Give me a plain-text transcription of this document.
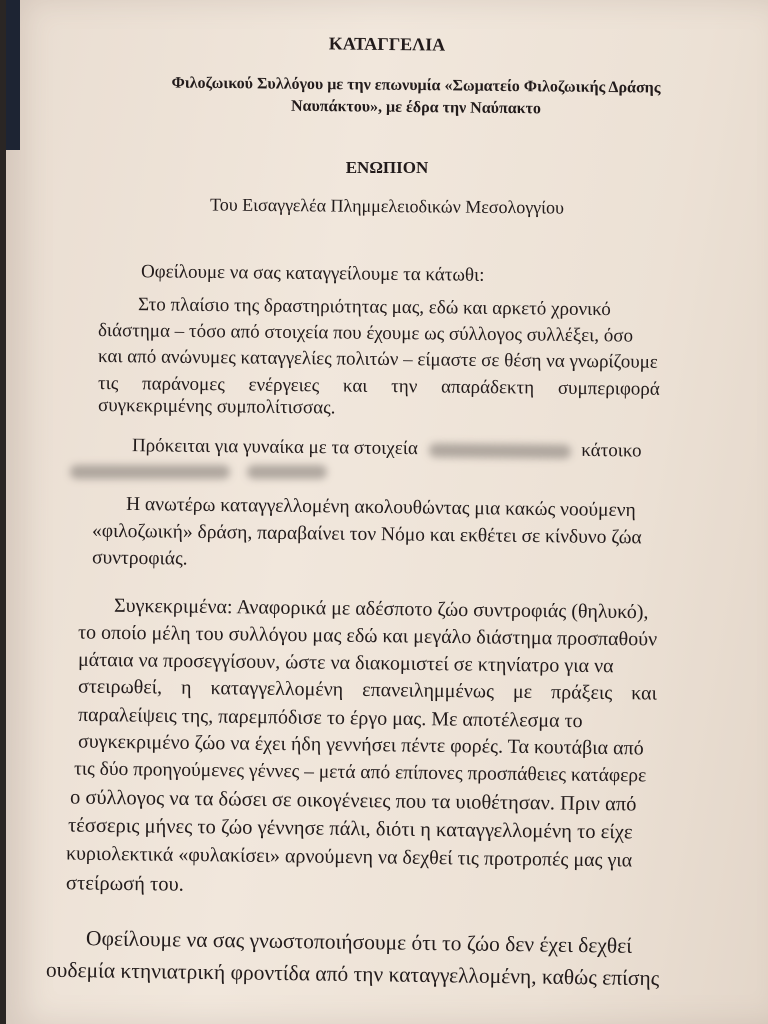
ΚΑΤΑΓΓΕΛΙΑ
Φιλοζωικού Συλλόγου με την επωνυμία «Σωματείο Φιλοζωικής Δράσης
Ναυπάκτου», με έδρα την Ναύπακτο
ΕΝΩΠΙΟΝ
Του Εισαγγελέα Πλημμελειοδικών Μεσολογγίου
Οφείλουμε να σας καταγγείλουμε τα κάτωθι:
Στο πλαίσιο της δραστηριότητας μας, εδώ και αρκετό χρονικό
διάστημα – τόσο από στοιχεία που έχουμε ως σύλλογος συλλέξει, όσο
και από ανώνυμες καταγγελίες πολιτών – είμαστε σε θέση να γνωρίζουμε
τις παράνομες ενέργειες και την απαράδεκτη συμπεριφορά
συγκεκριμένης συμπολίτισσας.
Πρόκειται για γυναίκα με τα στοιχεία	κάτοικο

Η ανωτέρω καταγγελλομένη ακολουθώντας μια κακώς νοούμενη
«φιλοζωική» δράση, παραβαίνει τον Νόμο και εκθέτει σε κίνδυνο ζώα
συντροφιάς.
Συγκεκριμένα: Αναφορικά με αδέσποτο ζώο συντροφιάς (θηλυκό),
το οποίο μέλη του συλλόγου μας εδώ και μεγάλο διάστημα προσπαθούν
μάταια να προσεγγίσουν, ώστε να διακομιστεί σε κτηνίατρο για να
στειρωθεί, η καταγγελλομένη επανειλημμένως με πράξεις και
παραλείψεις της, παρεμπόδισε το έργο μας. Με αποτέλεσμα το
συγκεκριμένο ζώο να έχει ήδη γεννήσει πέντε φορές. Τα κουτάβια από
τις δύο προηγούμενες γέννες – μετά από επίπονες προσπάθειες κατάφερε
ο σύλλογος να τα δώσει σε οικογένειες που τα υιοθέτησαν. Πριν από
τέσσερις μήνες το ζώο γέννησε πάλι, διότι η καταγγελλομένη το είχε
κυριολεκτικά «φυλακίσει» αρνούμενη να δεχθεί τις προτροπές μας για
στείρωσή του.
Οφείλουμε να σας γνωστοποιήσουμε ότι το ζώο δεν έχει δεχθεί
ουδεμία κτηνιατρική φροντίδα από την καταγγελλομένη, καθώς επίσης
